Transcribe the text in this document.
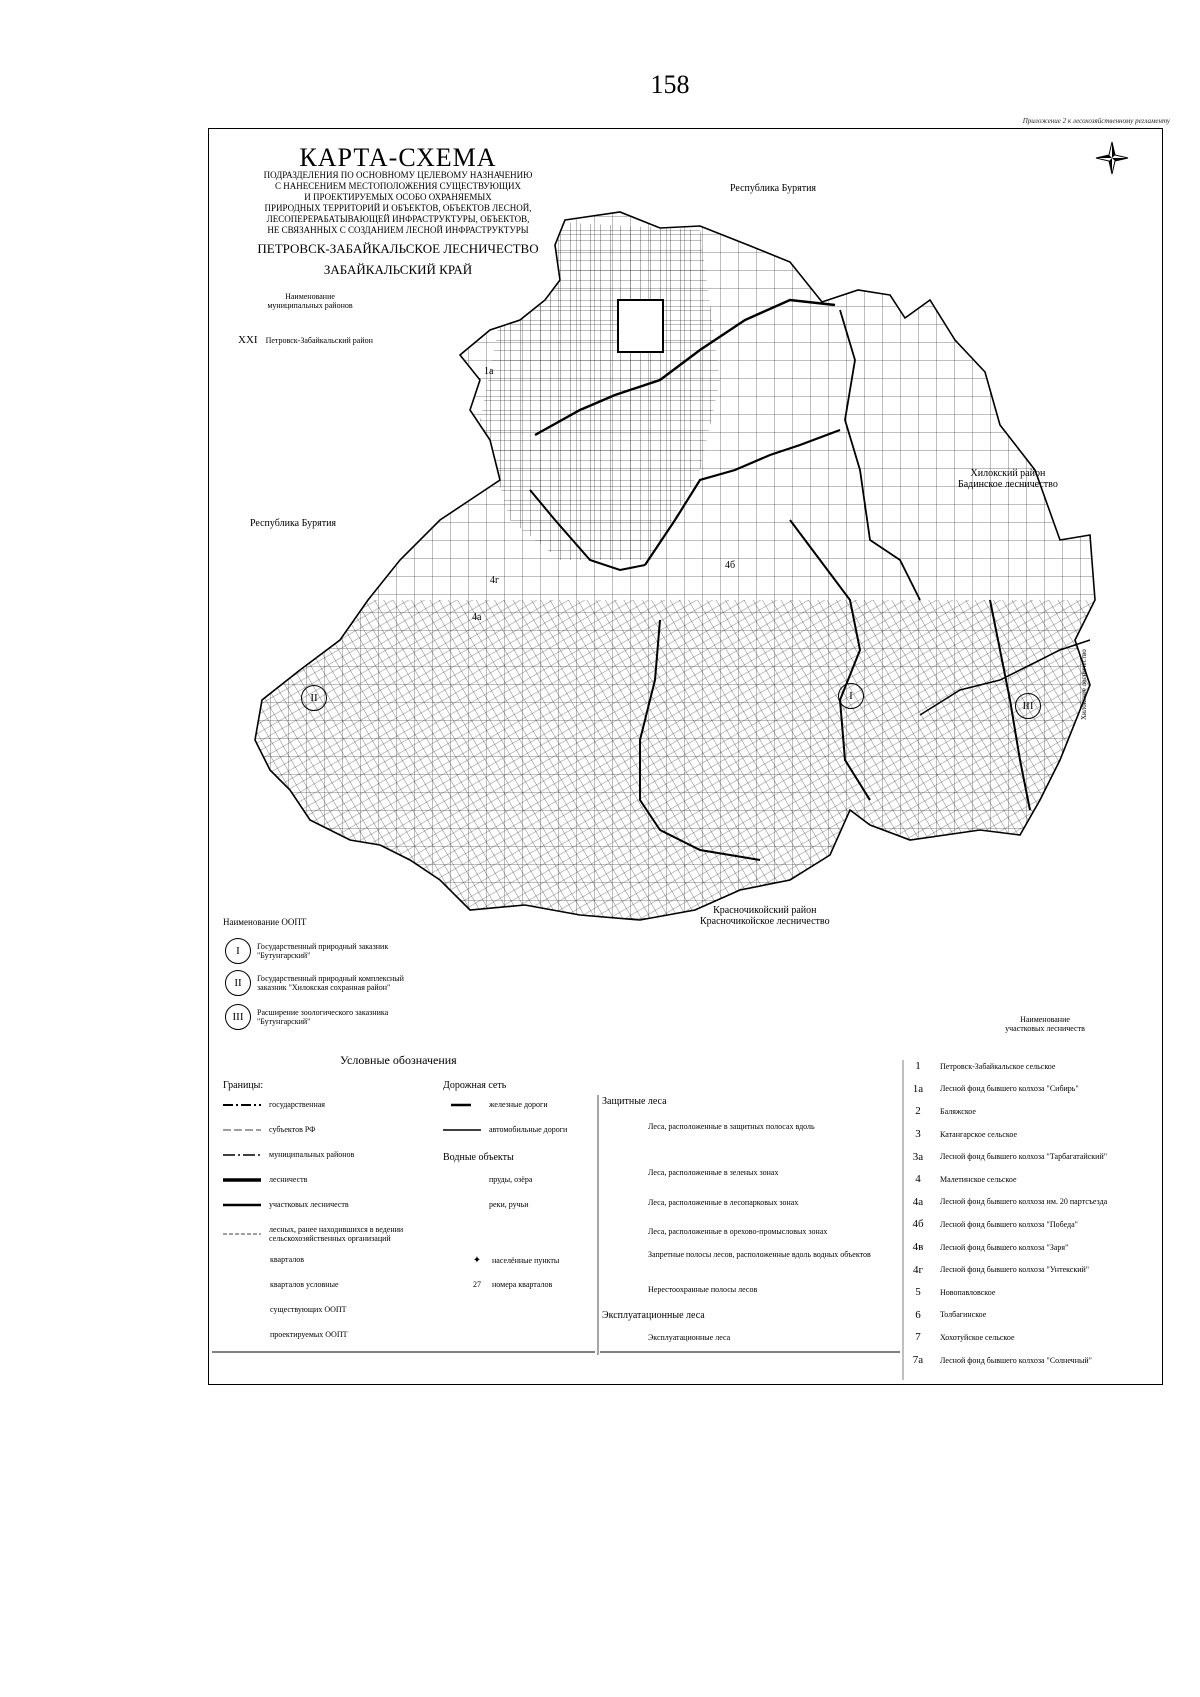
158
Приложение 2 к лесохозяйственному регламенту
КАРТА-СХЕМА
ПОДРАЗДЕЛЕНИЯ ПО ОСНОВНОМУ ЦЕЛЕВОМУ НАЗНАЧЕНИЮ
С НАНЕСЕНИЕМ МЕСТОПОЛОЖЕНИЯ СУЩЕСТВУЮЩИХ
И ПРОЕКТИРУЕМЫХ ОСОБО ОХРАНЯЕМЫХ
ПРИРОДНЫХ ТЕРРИТОРИЙ И ОБЪЕКТОВ, ОБЪЕКТОВ ЛЕСНОЙ,
ЛЕСОПЕРЕРАБАТЫВАЮЩЕЙ ИНФРАСТРУКТУРЫ, ОБЪЕКТОВ,
НЕ СВЯЗАННЫХ С СОЗДАНИЕМ ЛЕСНОЙ ИНФРАСТРУКТУРЫ
ПЕТРОВСК-ЗАБАЙКАЛЬСКОЕ ЛЕСНИЧЕСТВО
ЗАБАЙКАЛЬСКИЙ КРАЙ
Наименование
муниципальных районов
XXI Петровск-Забайкальский район
II	I
III
1а
4а
4б
4г
Республика Бурятия
Республика Бурятия
Хилокский район
Бадинское лесничество
Красночикойский район
Красночикойское лесничество
Хилокское лесничество
Наименование ООПТ
I	Государственный природный заказник "Бутунгарский"
II	Государственный природный комплексный заказник "Хилокская сохранная район"
III	Расширение зоологического заказника "Бутунгарский"
Условные обозначения
Границы:
государственная
субъектов РФ
муниципальных районов
лесничеств
участковых лесничеств
лесных, ранее находившихся в ведении сельскохозяйственных организаций
кварталов
кварталов условные
существующих ООПТ
проектируемых ООПТ
Дорожная сеть
железные дороги
автомобильные дороги
Водные объекты
пруды, озёра
реки, ручьи
✦	населённые пункты
27	номера кварталов
Защитные леса
Леса, расположенные в защитных полосах вдоль
Леса, расположенные в зеленых зонах
Леса, расположенные в лесопарковых зонах
Леса, расположенные в орехово-промысловых зонах
Запретные полосы лесов, расположенные вдоль водных объектов
Нерестоохранные полосы лесов
Эксплуатационные леса
Эксплуатационные леса
Наименование
участковых лесничеств
1	Петровск-Забайкальское сельское
1а	Лесной фонд бывшего колхоза "Сибирь"
2	Баляжское
3	Катангарское сельское
3а	Лесной фонд бывшего колхоза "Тарбагатайский"
4	Малетинское сельское
4а	Лесной фонд бывшего колхоза им. 20 партсъезда
4б	Лесной фонд бывшего колхоза "Победа"
4в	Лесной фонд бывшего колхоза "Заря"
4г	Лесной фонд бывшего колхоза "Унтекский"
5	Новопавловское
6	Толбагинское
7	Хохотуйское сельское
7а	Лесной фонд бывшего колхоза "Солнечный"
